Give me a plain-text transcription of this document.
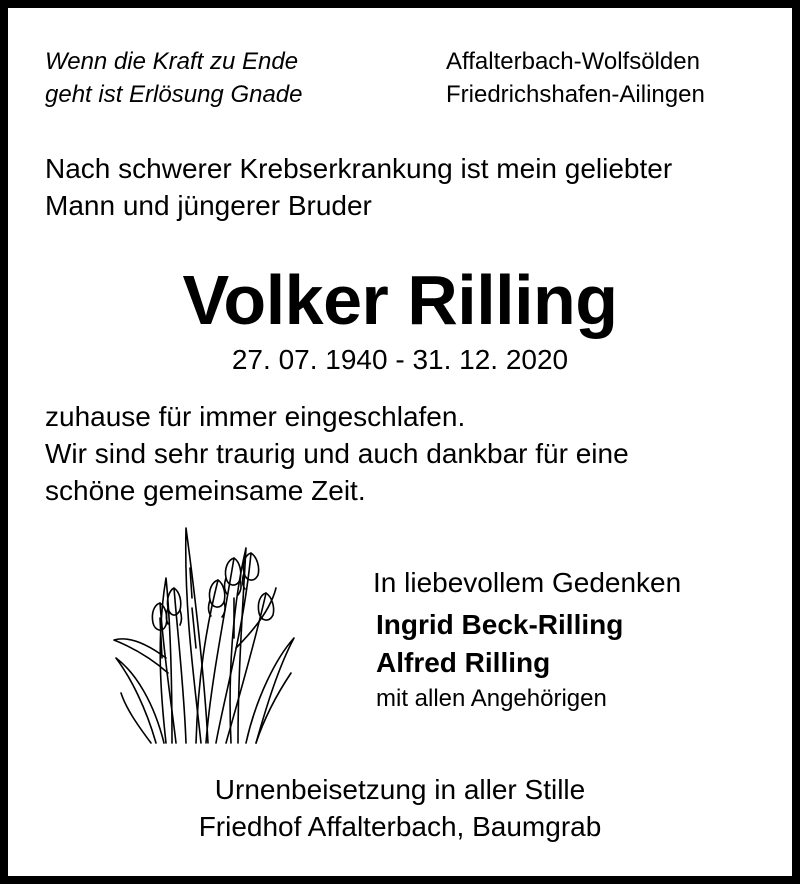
Wenn die Kraft zu Ende
geht ist Erlösung Gnade
Affalterbach-Wolfsölden
Friedrichshafen-Ailingen
Nach schwerer Krebserkrankung ist mein geliebter
Mann und jüngerer Bruder
Volker Rilling
27. 07. 1940 - 31. 12. 2020
zuhause für immer eingeschlafen.
Wir sind sehr traurig und auch dankbar für eine
schöne gemeinsame Zeit.
In liebevollem Gedenken
Ingrid Beck-Rilling
Alfred Rilling
mit allen Angehörigen
Urnenbeisetzung in aller Stille
Friedhof Affalterbach, Baumgrab
